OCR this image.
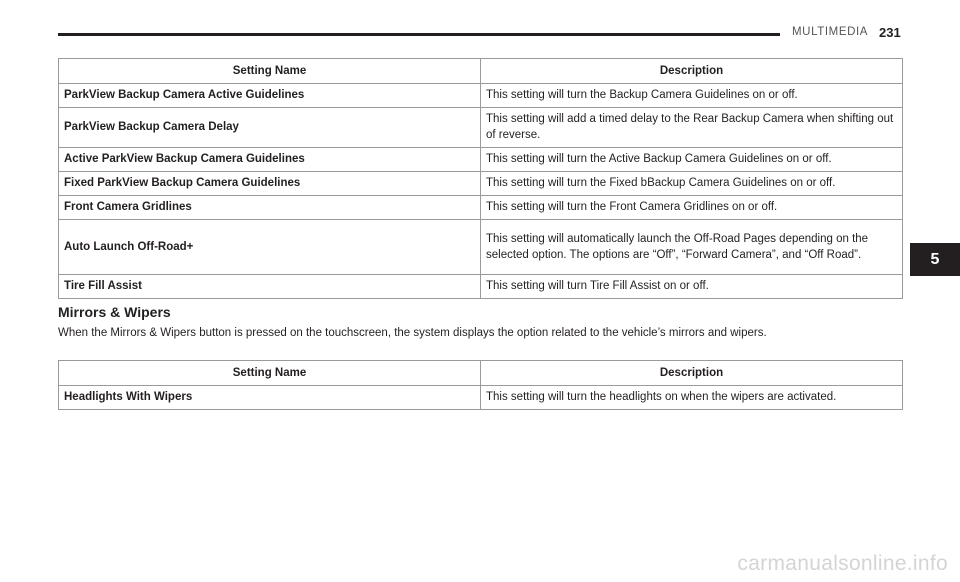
MULTIMEDIA 231
5
Setting Name	Description
ParkView Backup Camera Active Guidelines	This setting will turn the Backup Camera Guidelines on or off.
ParkView Backup Camera Delay	This setting will add a timed delay to the Rear Backup Camera when shifting out of reverse.
Active ParkView Backup Camera Guidelines	This setting will turn the Active Backup Camera Guidelines on or off.
Fixed ParkView Backup Camera Guidelines	This setting will turn the Fixed bBackup Camera Guidelines on or off.
Front Camera Gridlines	This setting will turn the Front Camera Gridlines on or off.
Auto Launch Off-Road+	This setting will automatically launch the Off-Road Pages depending on the selected option. The options are “Off”, “Forward Camera”, and “Off Road”.
Tire Fill Assist	This setting will turn Tire Fill Assist on or off.
Mirrors & Wipers
When the Mirrors & Wipers button is pressed on the touchscreen, the system displays the option related to the vehicle’s mirrors and wipers.
Setting Name	Description
Headlights With Wipers	This setting will turn the headlights on when the wipers are activated.
carmanualsonline.info
